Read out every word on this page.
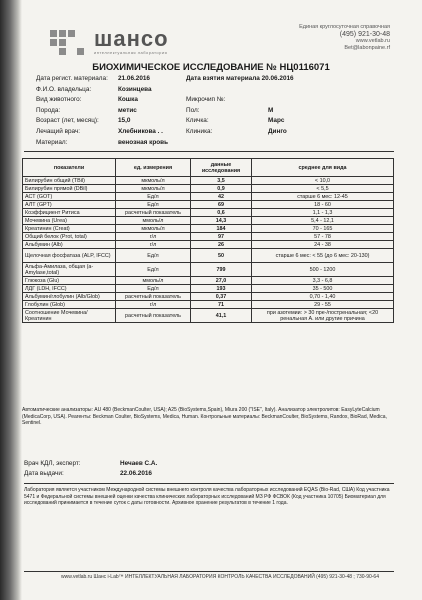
шансо
интеллектуальная лаборатория
Единая круглосуточная справочная
(495) 921-30-48
www.vetlab.ru
Bet@labonpaine.rf
БИОХИМИЧЕСКОЕ ИССЛЕДОВАНИЕ № НЦ0116071
Дата регист. материала: 21.06.2016	Дата взятия материала 20.06.2016
Ф.И.О. владельца:	Козинцева
Вид животного:	Кошка	Микрочип №:
Порода:	метис	Пол:	М
Возраст (лет, месяц):	15,0	Кличка:	Марс
Лечащий врач:	Хлебникова . .	Клиника:	Динго
Материал:	венозная кровь
показатели	ед. измерения	данные исследования	среднее для вида
Билирубин общий (TBil)	мкмоль/л	3,5	< 10,0
Билирубин прямой (DBil)	мкмоль/л	0,9	< 5,5
АСТ (GOT)	Ед/л	42	старше 6 мес: 12-45
АЛТ (GPT)	Ед/л	69	18 - 60
Коэффициент Ритиса	расчетный показатель	0,6	1,1 - 1,3
Мочевина (Urea)	ммоль/л	14,3	5,4 - 12,1
Креатинин (Creat)	мкмоль/л	184	70 - 165
Общий белок (Prot, total)	г/л	97	57 - 78
Альбумин (Alb)	г/л	26	24 - 38
Щелочная фосфатаза (ALP, IFCC)	Ед/л	50	старше 6 мес: < 55 (до 6 мес: 20-130)
Альфа-Амилаза, общая (a-Amylase,total)	Ед/л	799	500 - 1200
Глюкоза (Glu)	ммоль/л	27,0	3,3 - 6,8
ЛДГ (LDH, IFCC)	Ед/л	193	35 - 500
Альбумин/глобулин (Alb/Glob)	расчетный показатель	0,37	0,70 - 1,40
Глобулин (Glob)	г/л	71	29 - 55
Соотношение Мочевина/Креатинин	расчетный показатель	41,1	при азотемии: > 30 пре-/постренальная; <20 ренальная А. или другие причина
Автоматические анализаторы: AU 480 (BeckmanCoulter, USA); A25 (BioSystems,Spain), Miura 200 ("ISE", Italy). Анализатор электролитов: EasyLyteCalcium (MedicaCorp, USA). Реагенты: Beckman Coulter, BioSystems, Medica, Human. Контрольные материалы: BeckmanCoulter, BioSystems, Randox, BioRad, Medica, Sentinel.
Врач КДЛ, эксперт:	Нечаев С.А.
Дата выдачи:	22.06.2016
Лаборатория является участником Международной системы внешнего контроля качества лабораторных исследований EQAS (Bio-Rad, США) Код участника 5471 и Федеральной системы внешней оценки качества клинических лабораторных исследований МЗ РФ ФСВОК (Код участника 10705) Биоматериал для исследований принимается в течение суток с даты готовности. Архивное хранение результатов в течение 1 года.
www.vetlab.ru Шанс i-Lab™ ИНТЕЛЛЕКТУАЛЬНАЯ ЛАБОРАТОРИЯ КОНТРОЛЬ КАЧЕСТВА ИССЛЕДОВАНИЙ (495) 921-30-48 ; 730-90-64
